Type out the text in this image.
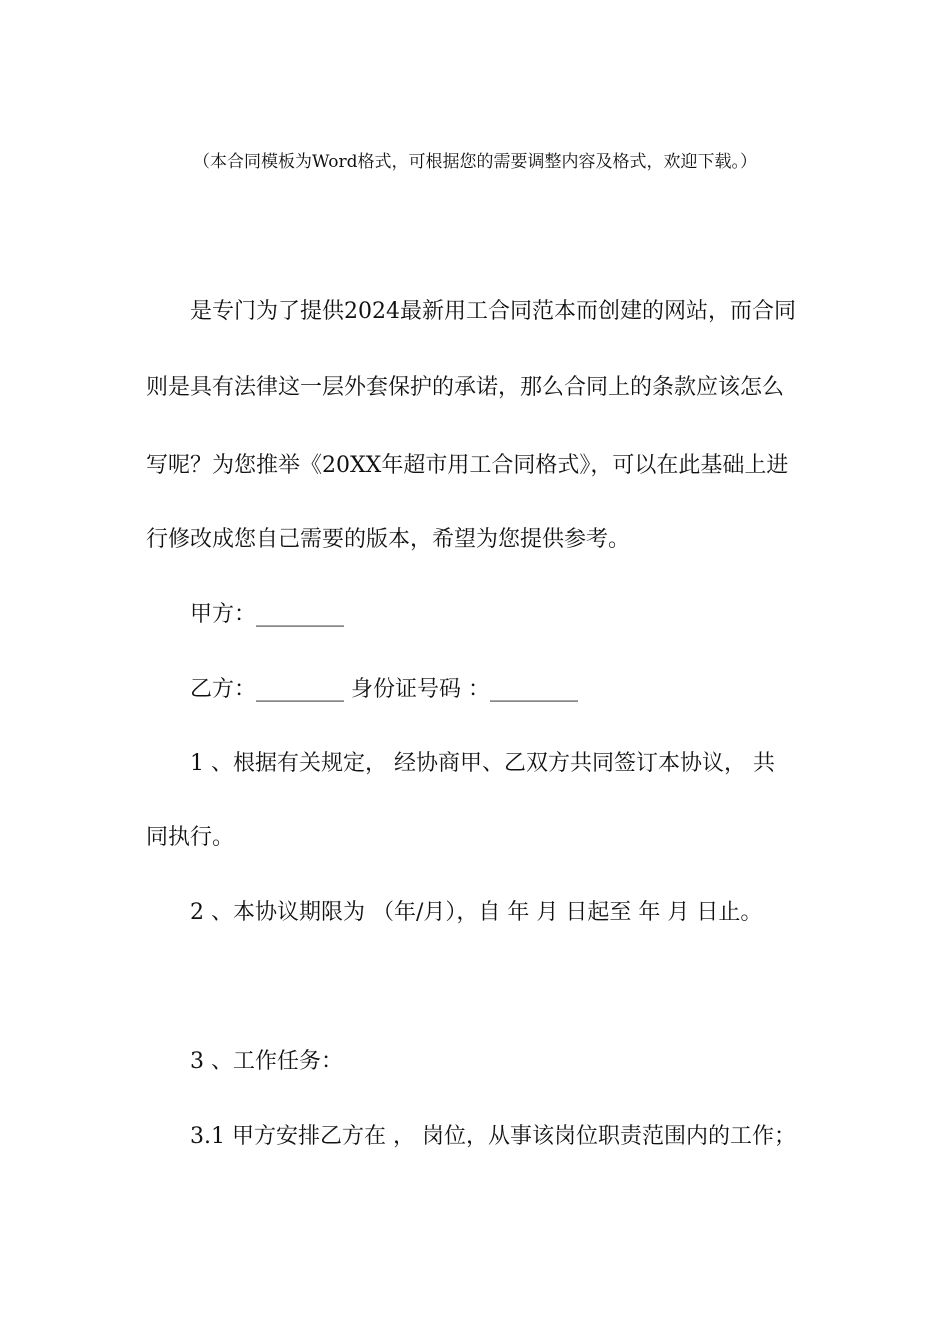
（本合同模板为Word格式，可根据您的需要调整内容及格式，欢迎下载。）
是专门为了提供2024最新用工合同范本而创建的网站，而合同
则是具有法律这一层外套保护的承诺，那么合同上的条款应该怎么
写呢？为您推举《20XX年超市用工合同格式》，可以在此基础上进
行修改成您自己需要的版本，希望为您提供参考。
甲方：________
乙方：________ 身份证号码 ：________
1 、根据有关规定， 经协商甲、乙双方共同签订本协议， 共
同执行。
2 、本协议期限为 （年/月），自 年 月 日起至 年 月 日止。
3 、工作任务：
3.1 甲方安排乙方在 ， 岗位，从事该岗位职责范围内的工作；
